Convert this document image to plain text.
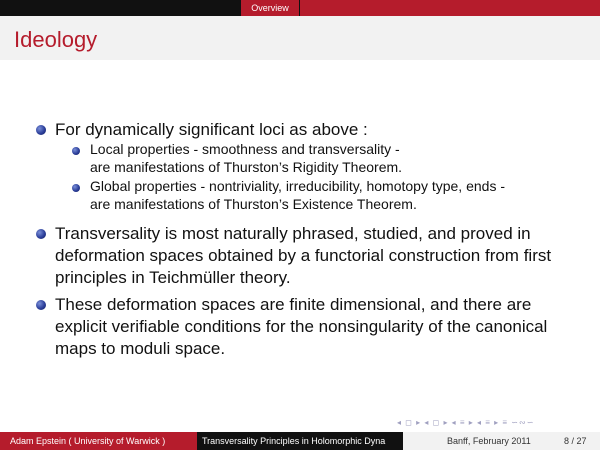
Overview
Ideology
For dynamically significant loci as above :
Local properties - smoothness and transversality -
are manifestations of Thurston’s Rigidity Theorem.
Global properties - nontriviality, irreducibility, homotopy type, ends -
are manifestations of Thurston’s Existence Theorem.
Transversality is most naturally phrased, studied, and proved in
deformation spaces obtained by a functorial construction from first
principles in Teichmüller theory.
These deformation spaces are finite dimensional, and there are
explicit verifiable conditions for the nonsingularity of the canonical
maps to moduli space.
◂ ◻ ▸ ◂ ◻ ▸ ◂ ≡ ▸ ◂ ≡ ▸ ≡ ∽∾∽
Adam Epstein ( University of Warwick )	Transversality Principles in Holomorphic Dyna	Banff, February 2011	8 / 27
